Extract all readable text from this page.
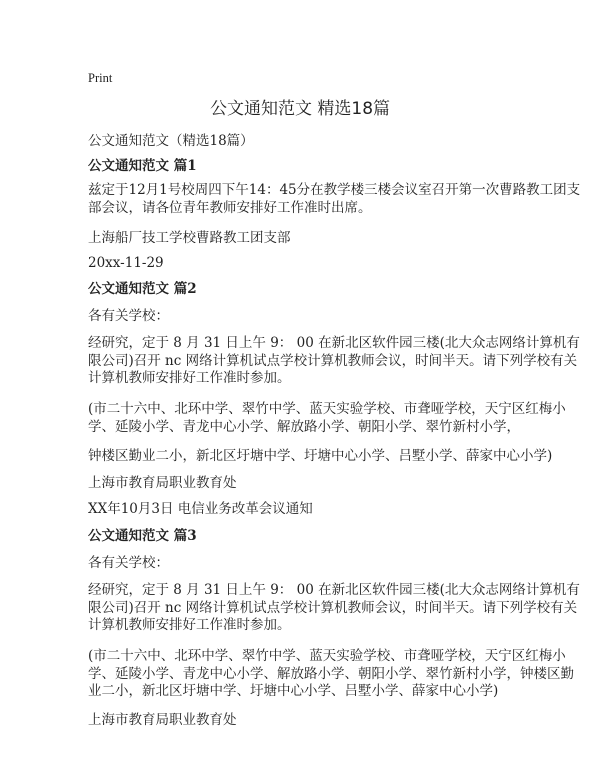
Print
公文通知范文 精选18篇
公文通知范文（精选18篇）
公文通知范文 篇1
兹定于12月1号校周四下午14：45分在教学楼三楼会议室召开第一次曹路教工团支
部会议，请各位青年教师安排好工作准时出席。
上海船厂技工学校曹路教工团支部
20xx-11-29
公文通知范文 篇2
各有关学校：
经研究，定于 8 月 31 日上午 9： 00 在新北区软件园三楼(北大众志网络计算机有
限公司)召开 nc 网络计算机试点学校计算机教师会议，时间半天。请下列学校有关
计算机教师安排好工作准时参加。
(市二十六中、北环中学、翠竹中学、蓝天实验学校、市聋哑学校，天宁区红梅小
学、延陵小学、青龙中心小学、解放路小学、朝阳小学、翠竹新村小学，
钟楼区勤业二小，新北区圩塘中学、圩塘中心小学、吕墅小学、薛家中心小学)
上海市教育局职业教育处
XX年10月3日 电信业务改革会议通知
公文通知范文 篇3
各有关学校：
经研究，定于 8 月 31 日上午 9： 00 在新北区软件园三楼(北大众志网络计算机有
限公司)召开 nc 网络计算机试点学校计算机教师会议，时间半天。请下列学校有关
计算机教师安排好工作准时参加。
(市二十六中、北环中学、翠竹中学、蓝天实验学校、市聋哑学校，天宁区红梅小
学、延陵小学、青龙中心小学、解放路小学、朝阳小学、翠竹新村小学，钟楼区勤
业二小，新北区圩塘中学、圩塘中心小学、吕墅小学、薛家中心小学)
上海市教育局职业教育处
